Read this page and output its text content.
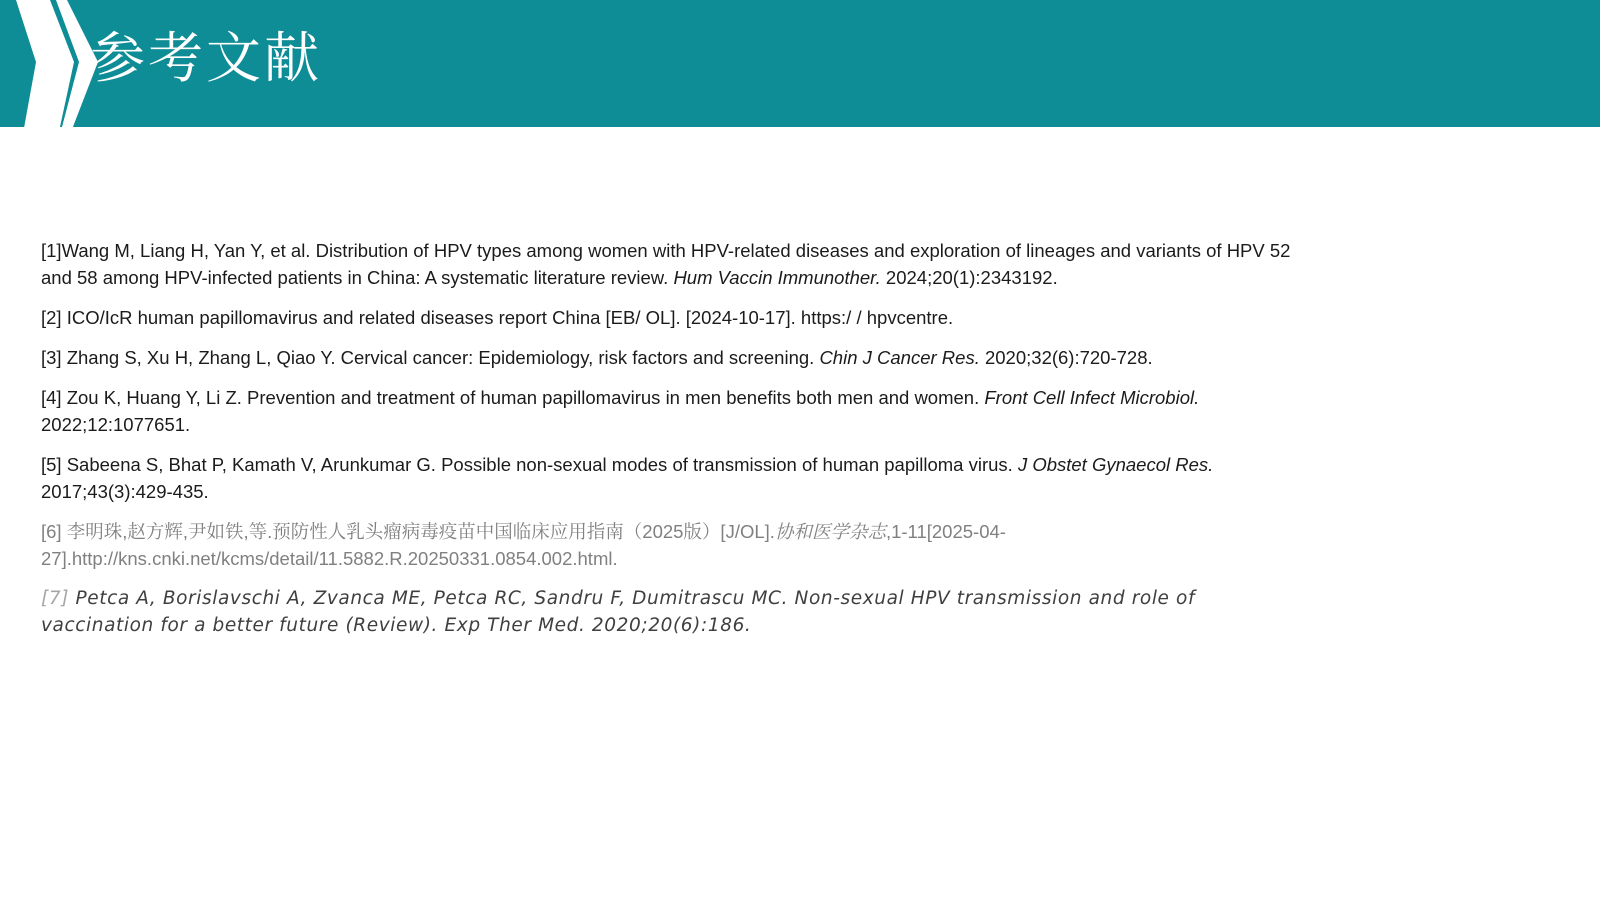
参考文献

[1]Wang M, Liang H, Yan Y, et al. Distribution of HPV types among women with HPV-related diseases and exploration of lineages and variants of HPV 52 and 58 among HPV-infected patients in China: A systematic literature review. Hum Vaccin Immunother. 2024;20(1):2343192.

[2] ICO/IcR human papillomavirus and related diseases report China [EB/ OL]. [2024-10-17]. https:/ / hpvcentre.

[3] Zhang S, Xu H, Zhang L, Qiao Y. Cervical cancer: Epidemiology, risk factors and screening. Chin J Cancer Res. 2020;32(6):720-728.

[4] Zou K, Huang Y, Li Z. Prevention and treatment of human papillomavirus in men benefits both men and women. Front Cell Infect Microbiol. 2022;12:1077651.

[5] Sabeena S, Bhat P, Kamath V, Arunkumar G. Possible non-sexual modes of transmission of human papilloma virus. J Obstet Gynaecol Res. 2017;43(3):429-435.

[6] 李明珠,赵方辉,尹如铁,等.预防性人乳头瘤病毒疫苗中国临床应用指南（2025版）[J/OL].协和医学杂志,1-11[2025-04-27].http://kns.cnki.net/kcms/detail/11.5882.R.20250331.0854.002.html.

[7] Petca A, Borislavschi A, Zvanca ME, Petca RC, Sandru F, Dumitrascu MC. Non-sexual HPV transmission and role of vaccination for a better future (Review). Exp Ther Med. 2020;20(6):186.
